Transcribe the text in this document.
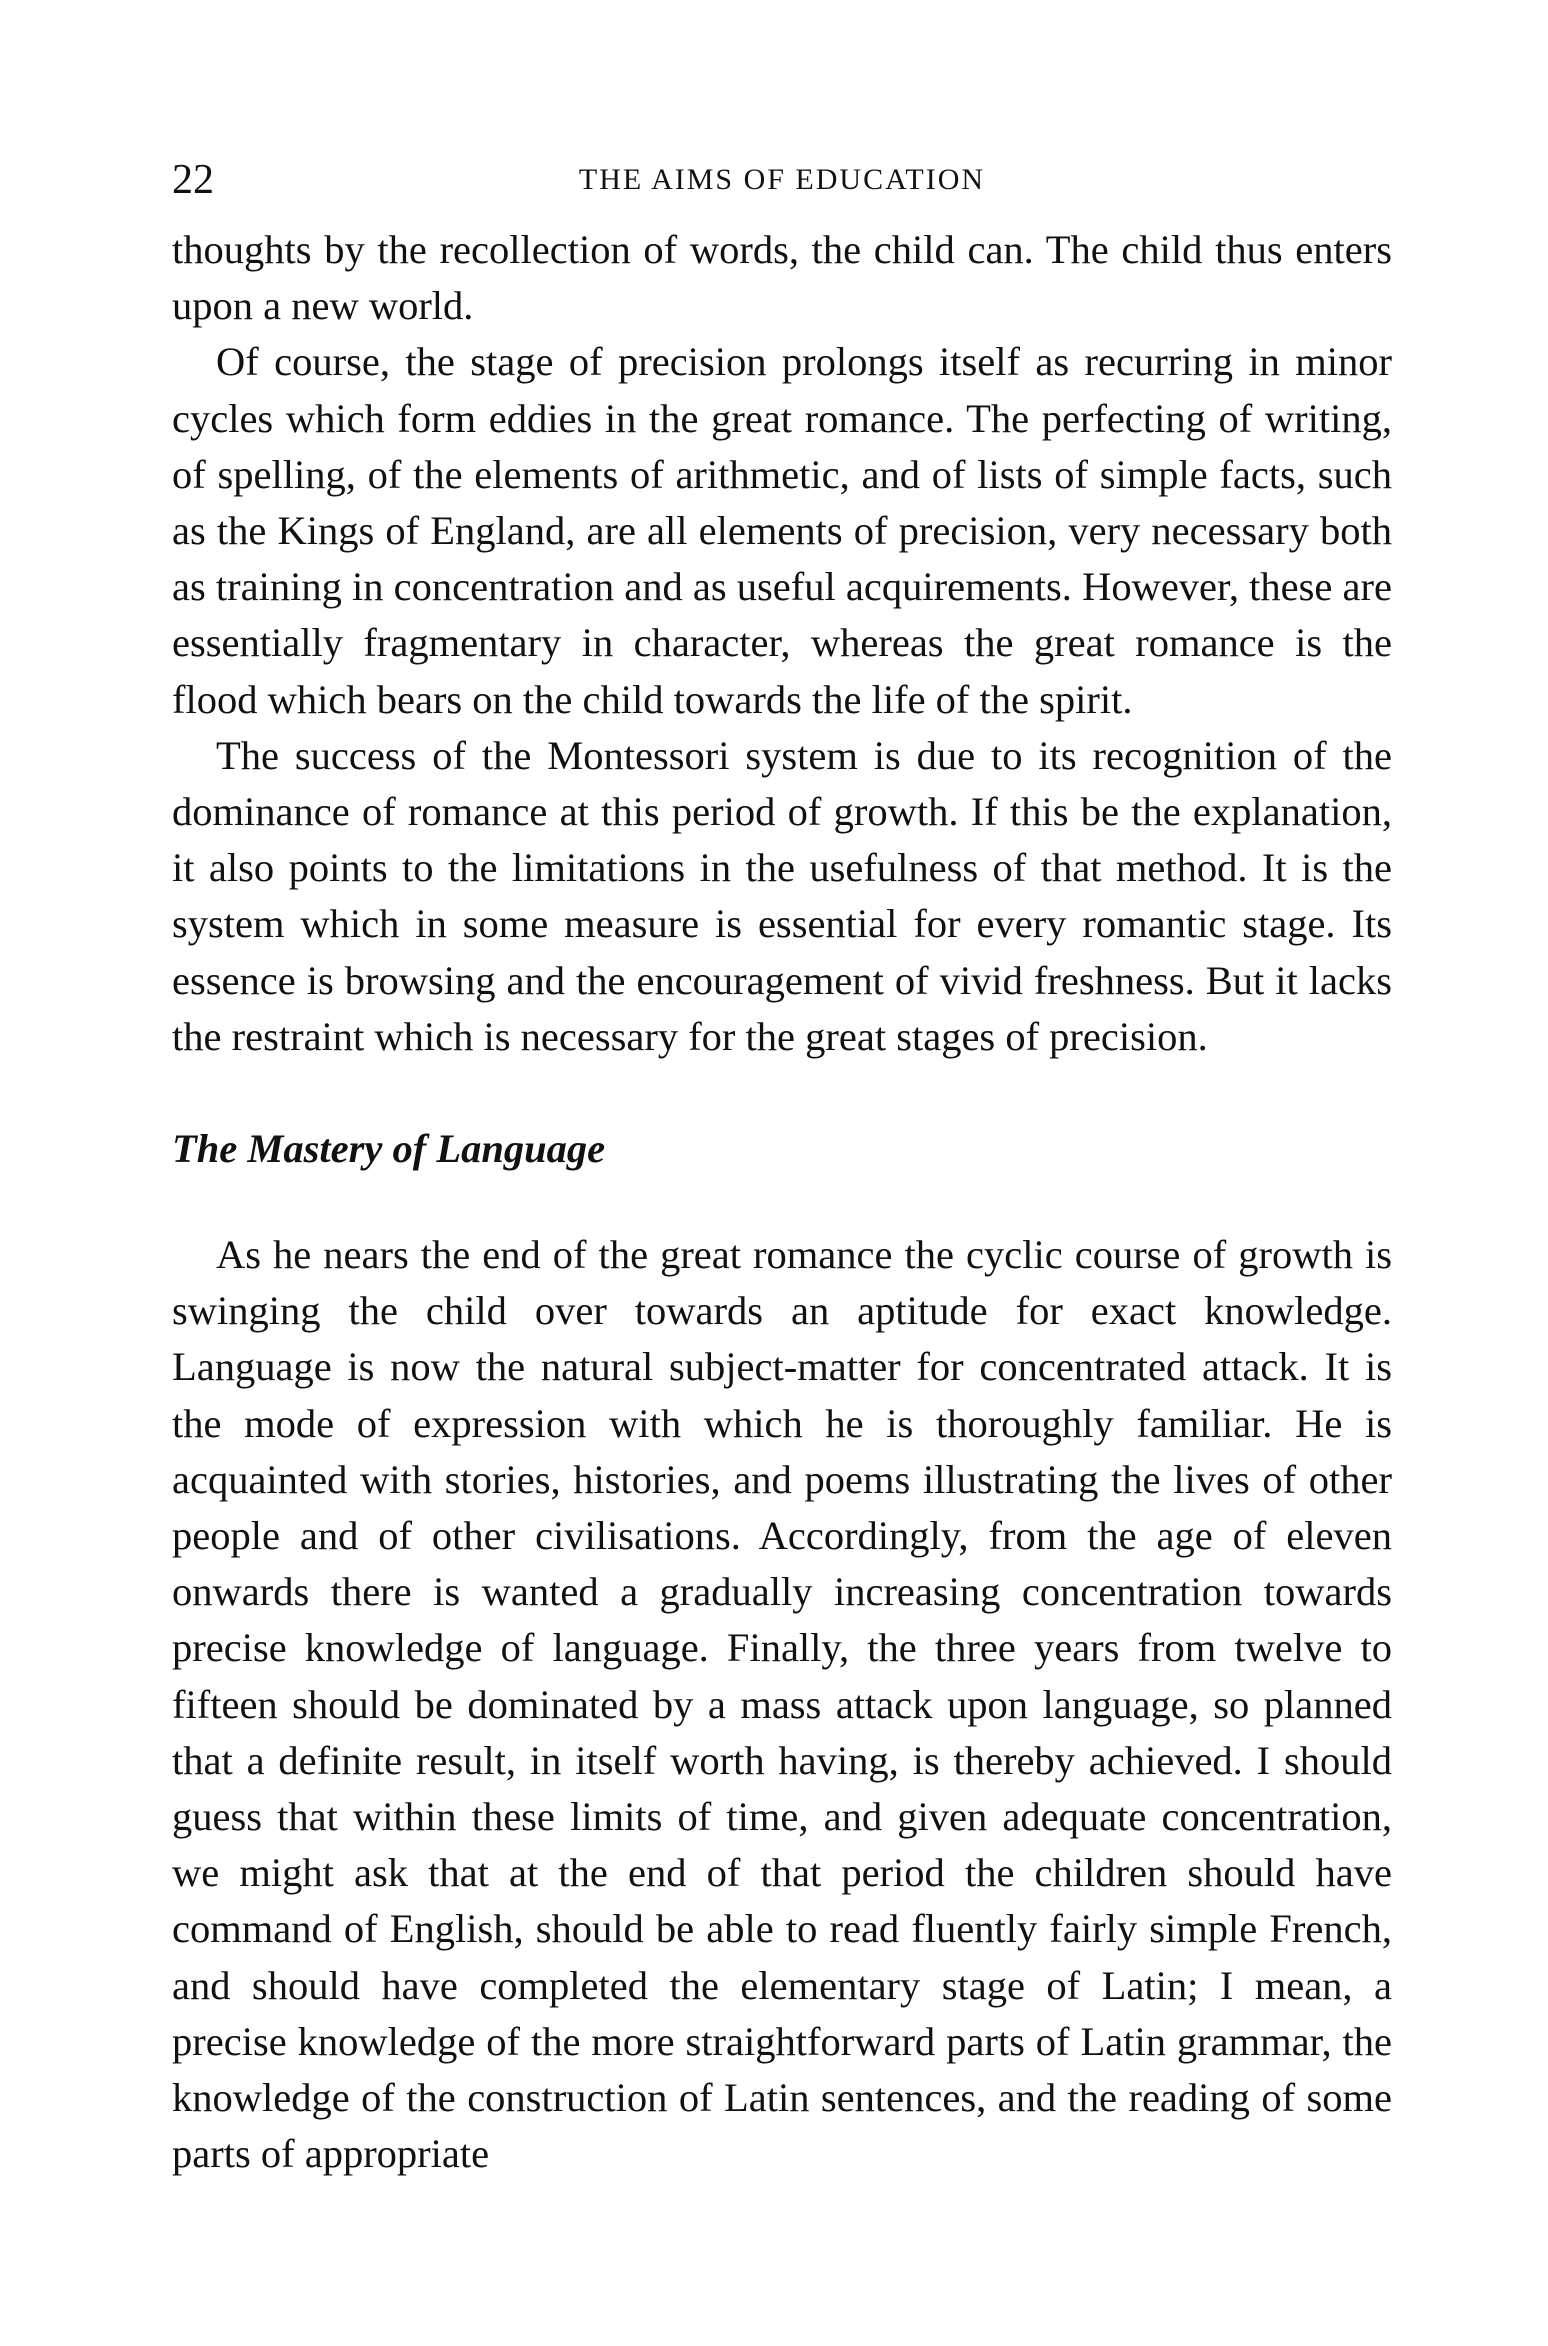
22	THE AIMS OF EDUCATION

thoughts by the recollection of words, the child can. The child thus enters upon a new world.

Of course, the stage of precision prolongs itself as recurring in minor cycles which form eddies in the great romance. The perfecting of writing, of spelling, of the elements of arithmetic, and of lists of simple facts, such as the Kings of England, are all elements of precision, very necessary both as training in concentration and as useful acquirements. However, these are essentially fragmentary in character, whereas the great romance is the flood which bears on the child towards the life of the spirit.

The success of the Montessori system is due to its recognition of the dominance of romance at this period of growth. If this be the explanation, it also points to the limitations in the usefulness of that method. It is the system which in some measure is essential for every romantic stage. Its essence is browsing and the encouragement of vivid freshness. But it lacks the restraint which is necessary for the great stages of precision.

The Mastery of Language

As he nears the end of the great romance the cyclic course of growth is swinging the child over towards an aptitude for exact knowledge. Language is now the natural subject-matter for concentrated attack. It is the mode of expression with which he is thoroughly familiar. He is acquainted with stories, histories, and poems illustrating the lives of other people and of other civilisations. Accordingly, from the age of eleven onwards there is wanted a gradually increasing concentration towards precise knowledge of language. Finally, the three years from twelve to fifteen should be dominated by a mass attack upon language, so planned that a definite result, in itself worth having, is thereby achieved. I should guess that within these limits of time, and given adequate concentration, we might ask that at the end of that period the children should have command of English, should be able to read fluently fairly simple French, and should have completed the elementary stage of Latin; I mean, a precise knowledge of the more straightforward parts of Latin grammar, the knowledge of the construction of Latin sentences, and the reading of some parts of appropriate
